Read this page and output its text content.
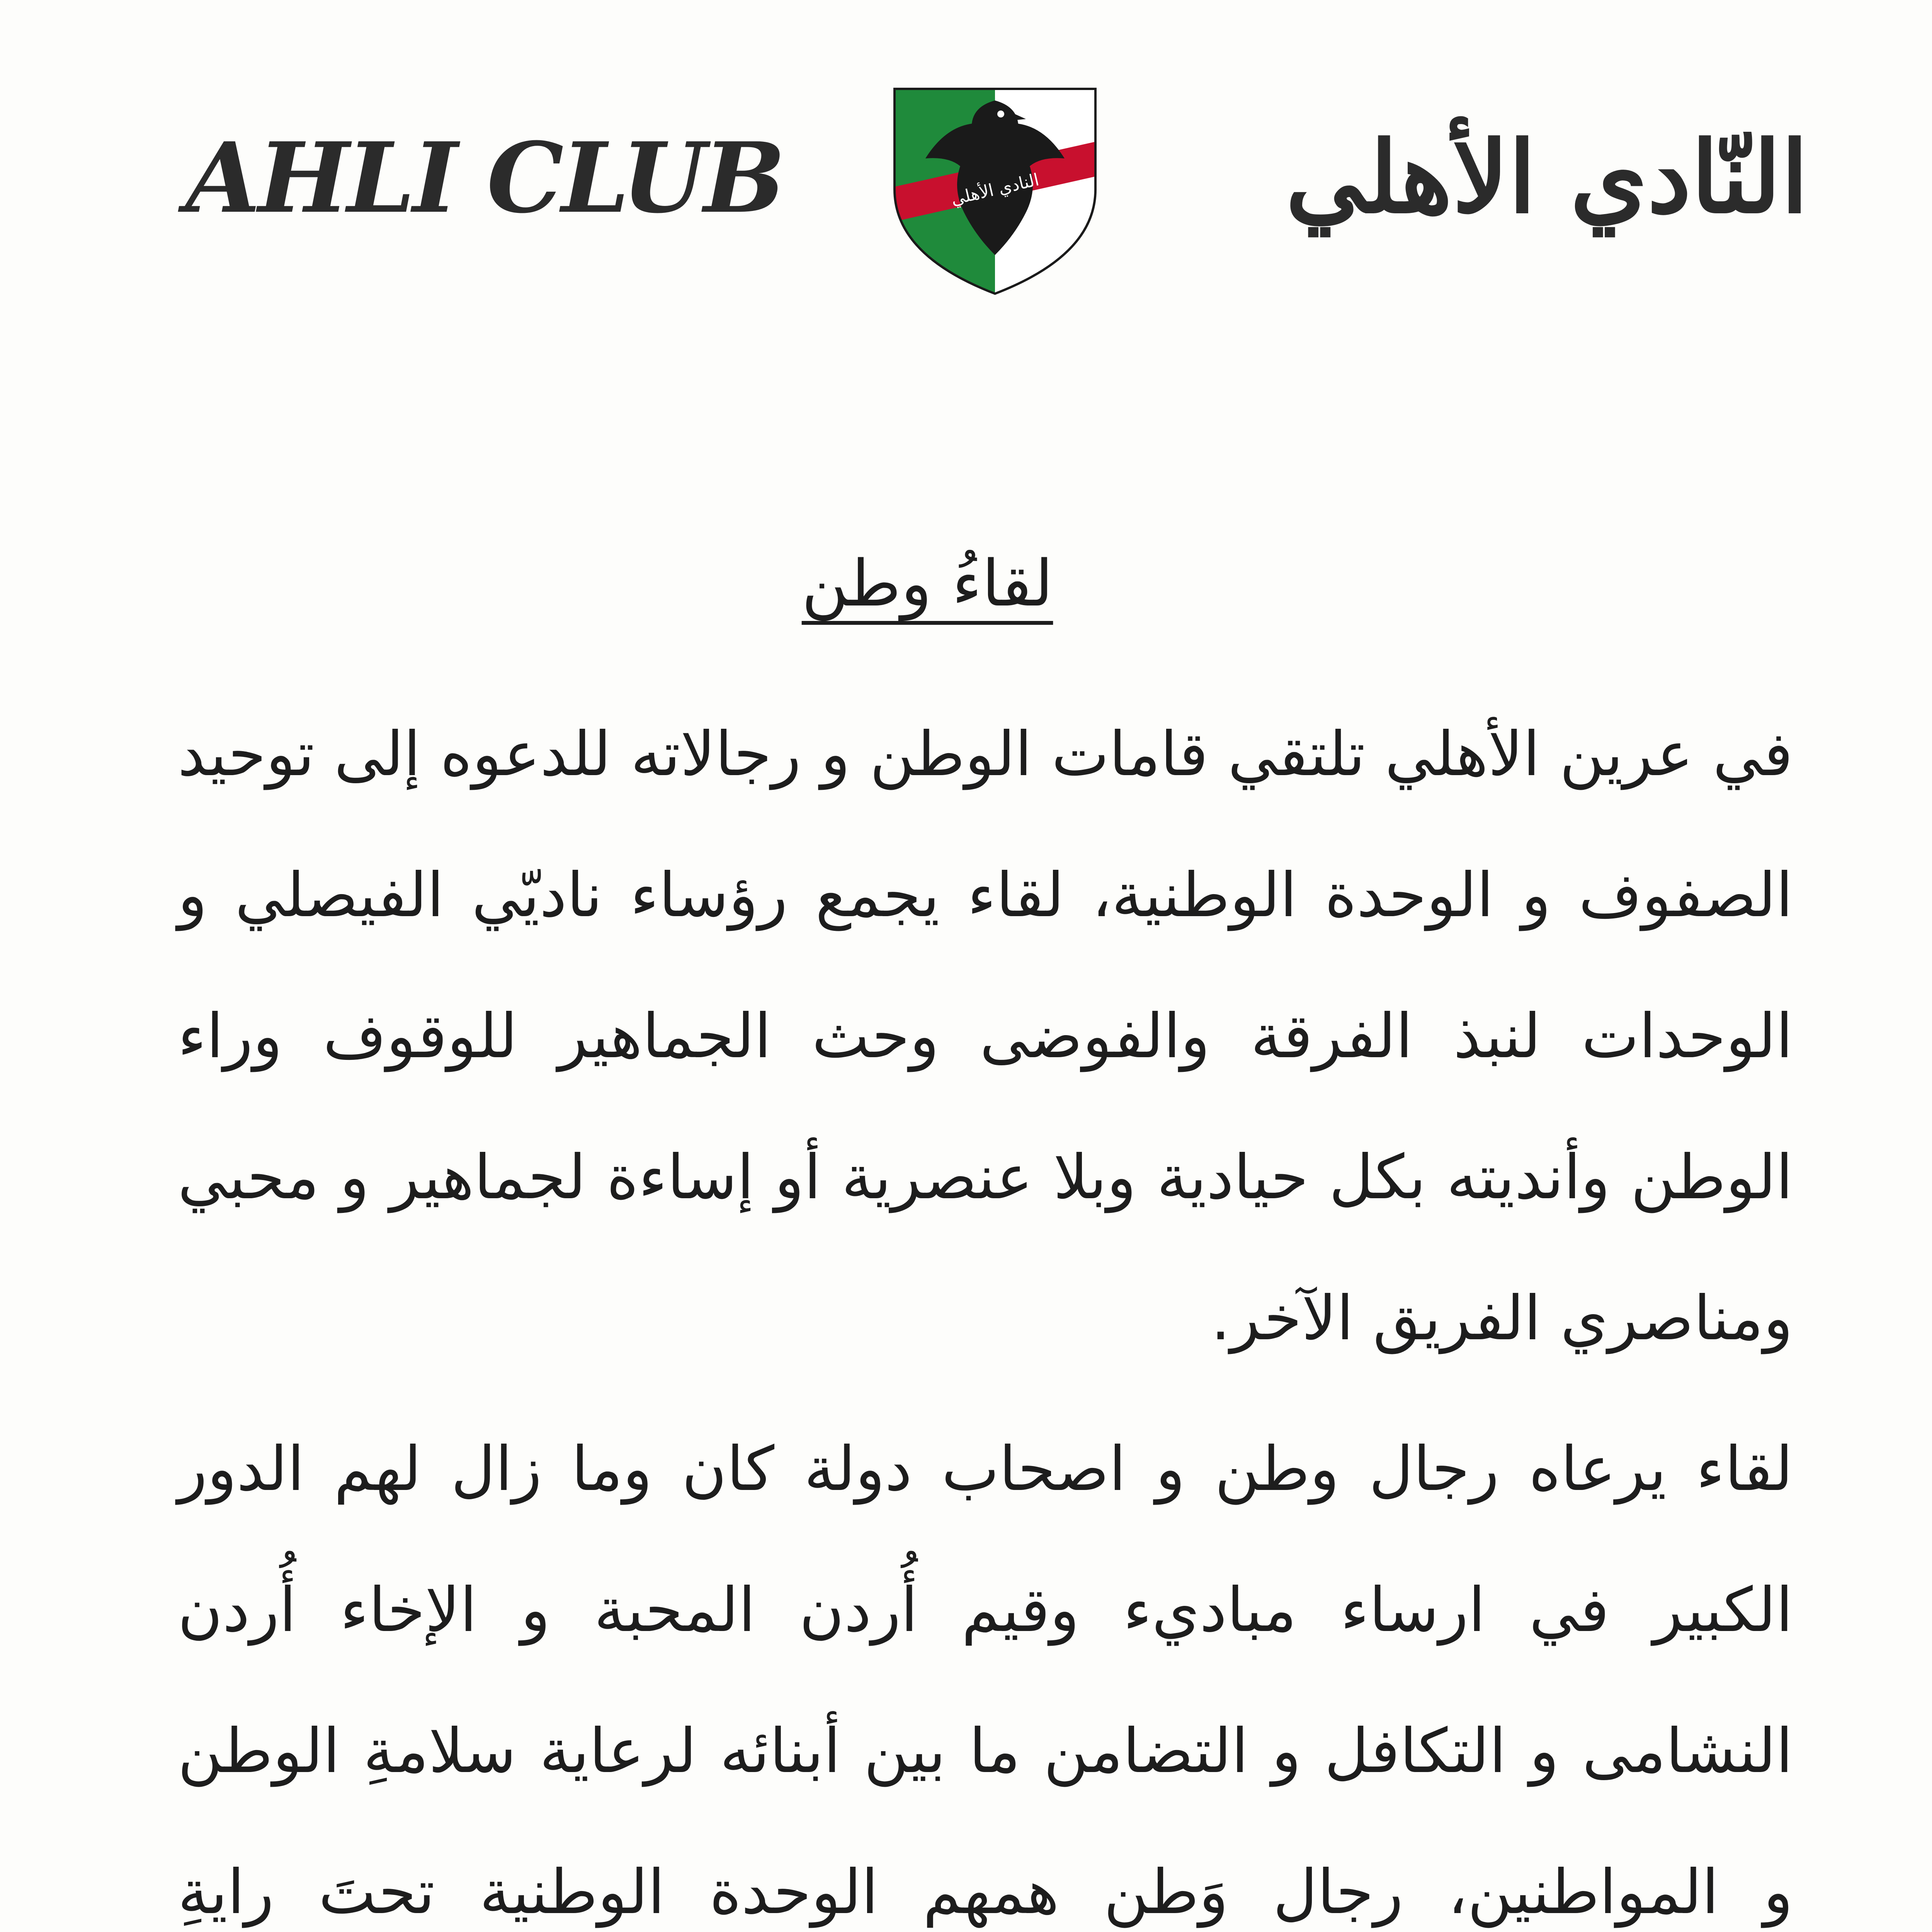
AHLI CLUB	النادي الأهلي النّادي الأهلي
لقاءُ وطن

في عرين الأهلي تلتقي قامات الوطن و رجالاته للدعوه إلى توحيد الصفوف و الوحدة الوطنية، لقاء يجمع رؤساء ناديّي الفيصلي و الوحدات لنبذ الفرقة والفوضى وحث الجماهير للوقوف وراء الوطن وأنديته بكل حيادية وبلا عنصرية أو إساءة لجماهير و محبي ومناصري الفريق الآخر.

لقاء يرعاه رجال وطن و اصحاب دولة كان وما زال لهم الدور الكبير في ارساء مباديء وقيم أُردن المحبة و الإخاء أُردن النشامى و التكافل و التضامن ما بين أبنائه لرعاية سلامةِ الوطن و المواطنين، رجال وَطن همهم الوحدة الوطنية تحتَ رايةِ
